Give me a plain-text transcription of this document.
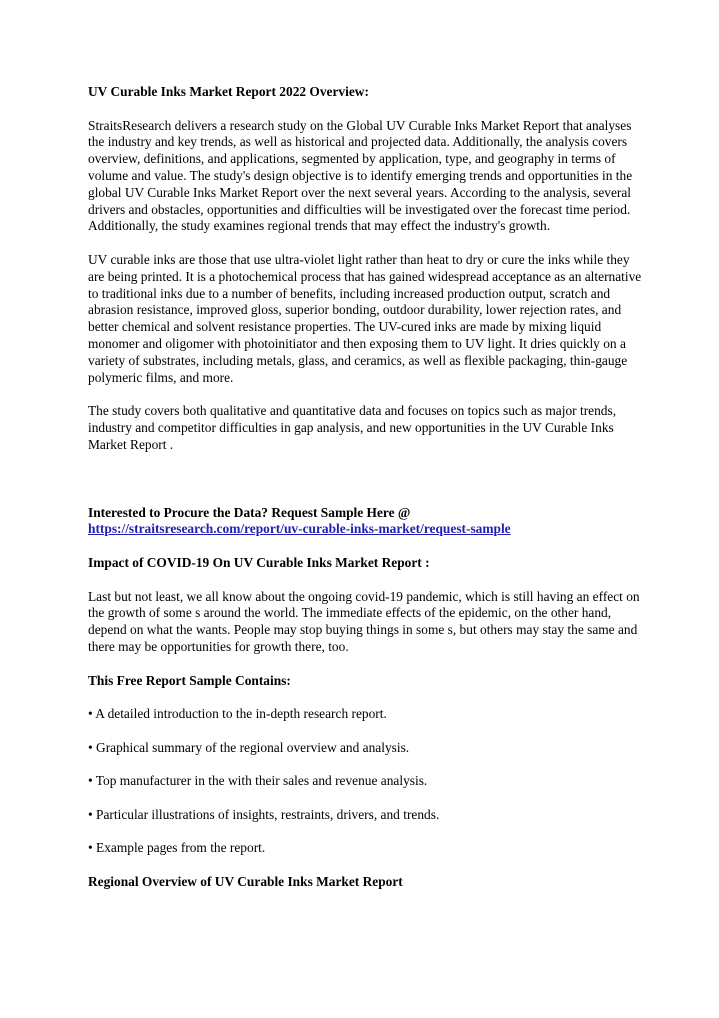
UV Curable Inks Market Report 2022 Overview:

StraitsResearch delivers a research study on the Global UV Curable Inks Market Report that analyses the industry and key trends, as well as historical and projected data. Additionally, the analysis covers overview, definitions, and applications, segmented by application, type, and geography in terms of volume and value. The study's design objective is to identify emerging trends and opportunities in the global UV Curable Inks Market Report over the next several years. According to the analysis, several drivers and obstacles, opportunities and difficulties will be investigated over the forecast time period. Additionally, the study examines regional trends that may effect the industry's growth.

UV curable inks are those that use ultra-violet light rather than heat to dry or cure the inks while they are being printed. It is a photochemical process that has gained widespread acceptance as an alternative to traditional inks due to a number of benefits, including increased production output, scratch and abrasion resistance, improved gloss, superior bonding, outdoor durability, lower rejection rates, and better chemical and solvent resistance properties. The UV-cured inks are made by mixing liquid monomer and oligomer with photoinitiator and then exposing them to UV light. It dries quickly on a variety of substrates, including metals, glass, and ceramics, as well as flexible packaging, thin-gauge polymeric films, and more.

The study covers both qualitative and quantitative data and focuses on topics such as major trends, industry and competitor difficulties in gap analysis, and new opportunities in the UV Curable Inks Market Report .

Interested to Procure the Data? Request Sample Here @

https://straitsresearch.com/report/uv-curable-inks-market/request-sample

Impact of COVID-19 On UV Curable Inks Market Report :

Last but not least, we all know about the ongoing covid-19 pandemic, which is still having an effect on the growth of some s around the world. The immediate effects of the epidemic, on the other hand, depend on what the wants. People may stop buying things in some s, but others may stay the same and there may be opportunities for growth there, too.

This Free Report Sample Contains:

• A detailed introduction to the in-depth research report.

• Graphical summary of the regional overview and analysis.

• Top manufacturer in the with their sales and revenue analysis.

• Particular illustrations of insights, restraints, drivers, and trends.

• Example pages from the report.

Regional Overview of UV Curable Inks Market Report
